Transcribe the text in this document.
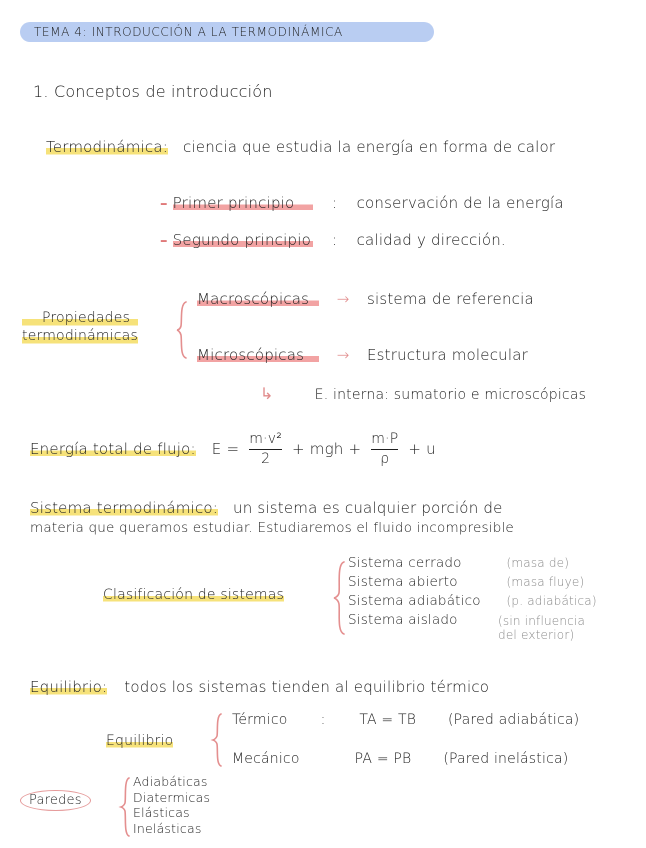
TEMA 4: INTRODUCCIÓN A LA TERMODINÁMICA
1. Conceptos de introducción
Termodinámica: ciencia que estudia la energía en forma de calor
– Primer principio	: conservación de la energía
– Segundo principio : calidad y dirección.
Propiedades
termodinámicas
Macroscópicas → sistema de referencia
Microscópicas → Estructura molecular
↳	E. interna: sumatorio e microscópicas
Energía total de flujo: $E = \frac{\text{m·v²}}{2}$ + mgh + $\frac{m\cdot P}{\rho} + u$
Sistema termodinámico: un sistema es cualquier porción de
materia que queramos estudiar. Estudiaremos el fluido incompresible
Clasificación de sistemas
Sistema cerrado	(masa de)
Sistema abierto	(masa fluye)
Sistema adiabático (p. adiabática)
Sistema aislado	(sin influencia
del exterior)
Equilibrio: todos los sistemas tienden al equilibrio térmico
Equilibrio
Térmico : TA = TB (Pared adiabática)
Mecánico	PA = PB (Pared inelástica)
Paredes
Adiabáticas
Diatermicas
Elásticas
Inelásticas
